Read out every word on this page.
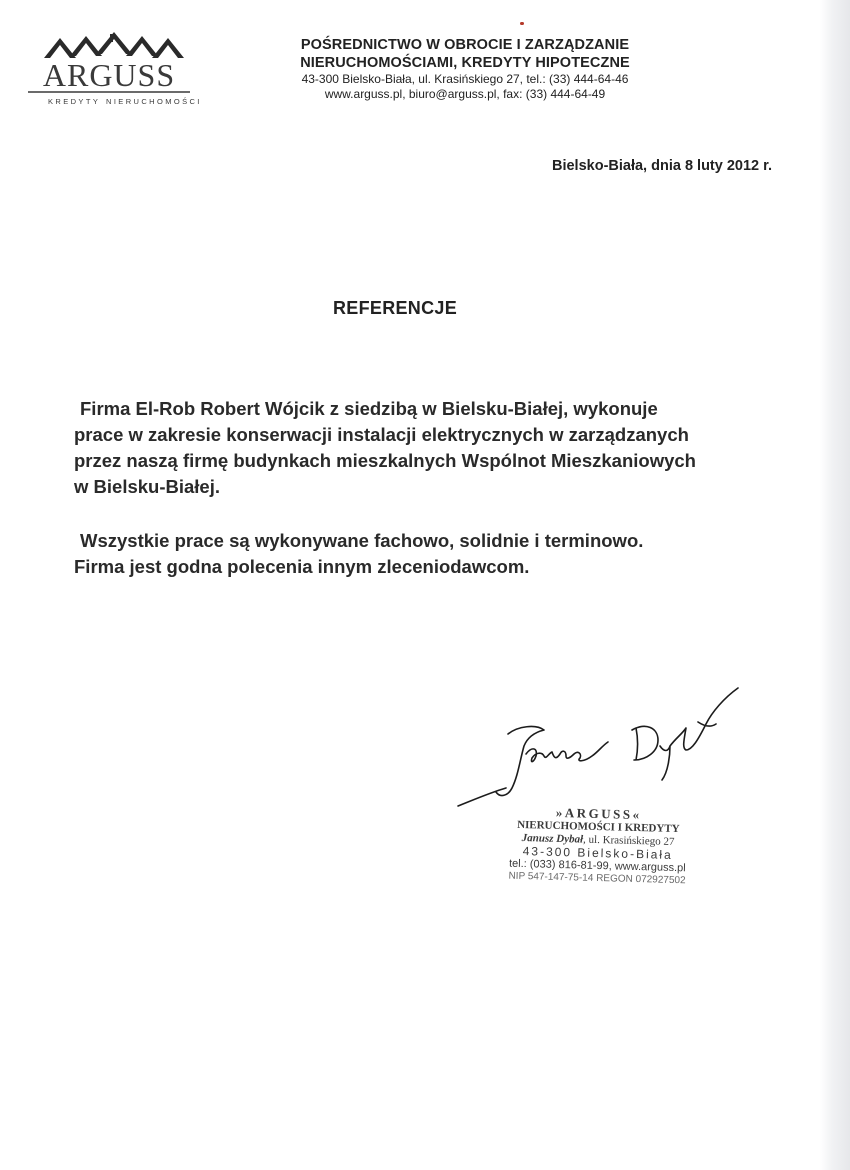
ARGUSS
KREDYTY NIERUCHOMOŚCI
POŚREDNICTWO W OBROCIE I ZARZĄDZANIE
NIERUCHOMOŚCIAMI, KREDYTY HIPOTECZNE
43-300 Bielsko-Biała, ul. Krasińskiego 27, tel.: (33) 444-64-46
www.arguss.pl, biuro@arguss.pl, fax: (33) 444-64-49
Bielsko-Biała, dnia 8 luty 2012 r.
REFERENCJE

Firma El-Rob Robert Wójcik z siedzibą w Bielsku-Białej, wykonuje
prace w zakresie konserwacji instalacji elektrycznych w zarządzanych
przez naszą firmę budynkach mieszkalnych Wspólnot Mieszkaniowych
w Bielsku-Białej.

Wszystkie prace są wykonywane fachowo, solidnie i terminowo.
Firma jest godna polecenia innym zleceniodawcom.

»ARGUSS«
NIERUCHOMOŚCI I KREDYTY
Janusz Dybał, ul. Krasińskiego 27
43-300 Bielsko-Biała
tel.: (033) 816-81-99, www.arguss.pl
NIP 547-147-75-14 REGON 072927502
